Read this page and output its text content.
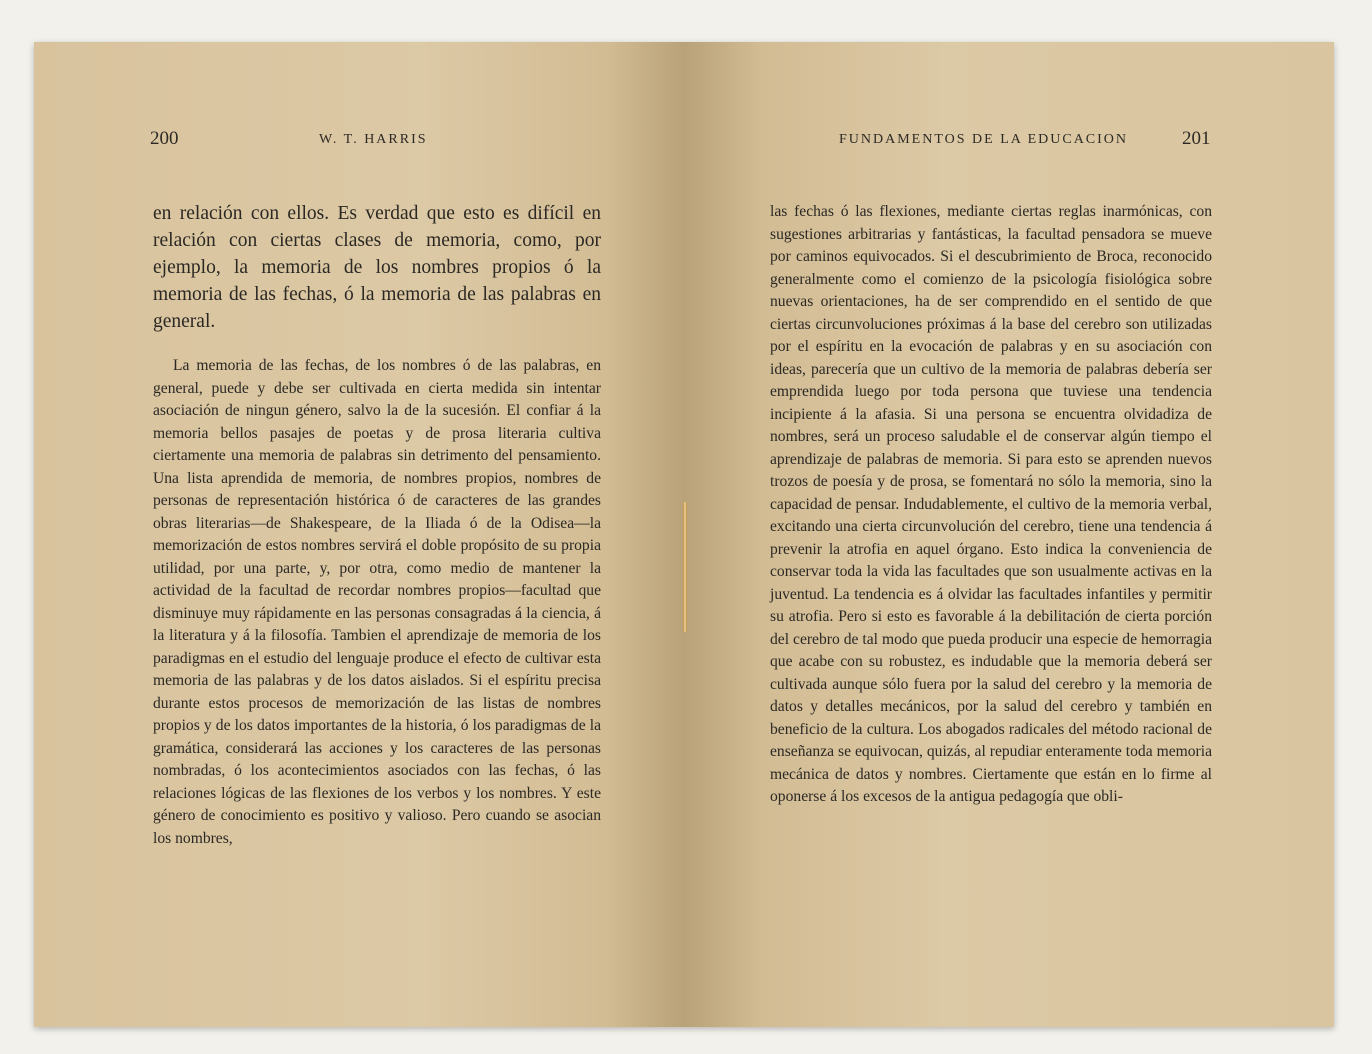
200	W. T. HARRIS

en relación con ellos. Es verdad que esto es difícil en relación con ciertas clases de memoria, como, por ejemplo, la memoria de los nombres propios ó la memoria de las fechas, ó la memoria de las palabras en general.

La memoria de las fechas, de los nombres ó de las palabras, en general, puede y debe ser cultivada en cierta medida sin intentar asociación de ningun género, salvo la de la sucesión. El confiar á la memoria bellos pasajes de poetas y de prosa literaria cultiva ciertamente una memoria de palabras sin detrimento del pensamiento. Una lista aprendida de memoria, de nombres propios, nombres de personas de representación histórica ó de caracteres de las grandes obras literarias—de Shakespeare, de la Iliada ó de la Odisea—la memorización de estos nombres servirá el doble propósito de su propia utilidad, por una parte, y, por otra, como medio de mantener la actividad de la facultad de recordar nombres propios—facultad que disminuye muy rápidamente en las personas consagradas á la ciencia, á la literatura y á la filosofía. Tambien el aprendizaje de memoria de los paradigmas en el estudio del lenguaje produce el efecto de cultivar esta memoria de las palabras y de los datos aislados. Si el espíritu precisa durante estos procesos de memorización de las listas de nombres propios y de los datos importantes de la historia, ó los paradigmas de la gramática, considerará las acciones y los caracteres de las personas nombradas, ó los acontecimientos asociados con las fechas, ó las relaciones lógicas de las flexiones de los verbos y los nombres. Y este género de conocimiento es positivo y valioso. Pero cuando se asocian los nombres,

FUNDAMENTOS DE LA EDUCACION	201

las fechas ó las flexiones, mediante ciertas reglas inarmónicas, con sugestiones arbitrarias y fantásticas, la facultad pensadora se mueve por caminos equivocados. Si el descubrimiento de Broca, reconocido generalmente como el comienzo de la psicología fisiológica sobre nuevas orientaciones, ha de ser comprendido en el sentido de que ciertas circunvoluciones próximas á la base del cerebro son utilizadas por el espíritu en la evocación de palabras y en su asociación con ideas, parecería que un cultivo de la memoria de palabras debería ser emprendida luego por toda persona que tuviese una tendencia incipiente á la afasia. Si una persona se encuentra olvidadiza de nombres, será un proceso saludable el de conservar algún tiempo el aprendizaje de palabras de memoria. Si para esto se aprenden nuevos trozos de poesía y de prosa, se fomentará no sólo la memoria, sino la capacidad de pensar. Indudablemente, el cultivo de la memoria verbal, excitando una cierta circunvolución del cerebro, tiene una tendencia á prevenir la atrofia en aquel órgano. Esto indica la conveniencia de conservar toda la vida las facultades que son usualmente activas en la juventud. La tendencia es á olvidar las facultades infantiles y permitir su atrofia. Pero si esto es favorable á la debilitación de cierta porción del cerebro de tal modo que pueda producir una especie de hemorragia que acabe con su robustez, es indudable que la memoria deberá ser cultivada aunque sólo fuera por la salud del cerebro y la memoria de datos y detalles mecánicos, por la salud del cerebro y también en beneficio de la cultura. Los abogados radicales del método racional de enseñanza se equivocan, quizás, al repudiar enteramente toda memoria mecánica de datos y nombres. Ciertamente que están en lo firme al oponerse á los excesos de la antigua pedagogía que obli-
